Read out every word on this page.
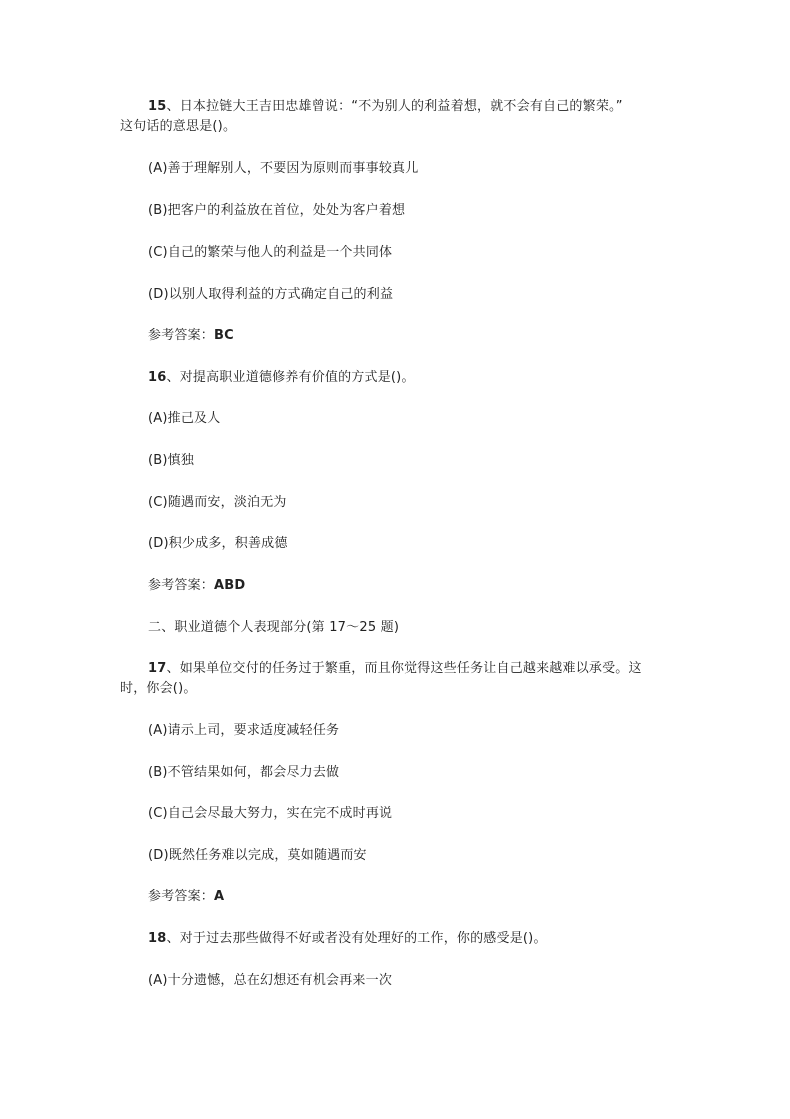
15、日本拉链大王吉田忠雄曾说：“不为别人的利益着想，就不会有自己的繁荣。”
这句话的意思是()。
(A)善于理解别人，不要因为原则而事事较真儿
(B)把客户的利益放在首位，处处为客户着想
(C)自己的繁荣与他人的利益是一个共同体
(D)以别人取得利益的方式确定自己的利益
参考答案：BC
16、对提高职业道德修养有价值的方式是()。
(A)推己及人
(B)慎独
(C)随遇而安，淡泊无为
(D)积少成多，积善成德
参考答案：ABD
二、职业道德个人表现部分(第 17～25 题)
17、如果单位交付的任务过于繁重，而且你觉得这些任务让自己越来越难以承受。这
时，你会()。
(A)请示上司，要求适度减轻任务
(B)不管结果如何，都会尽力去做
(C)自己会尽最大努力，实在完不成时再说
(D)既然任务难以完成，莫如随遇而安
参考答案：A
18、对于过去那些做得不好或者没有处理好的工作，你的感受是()。
(A)十分遗憾，总在幻想还有机会再来一次
